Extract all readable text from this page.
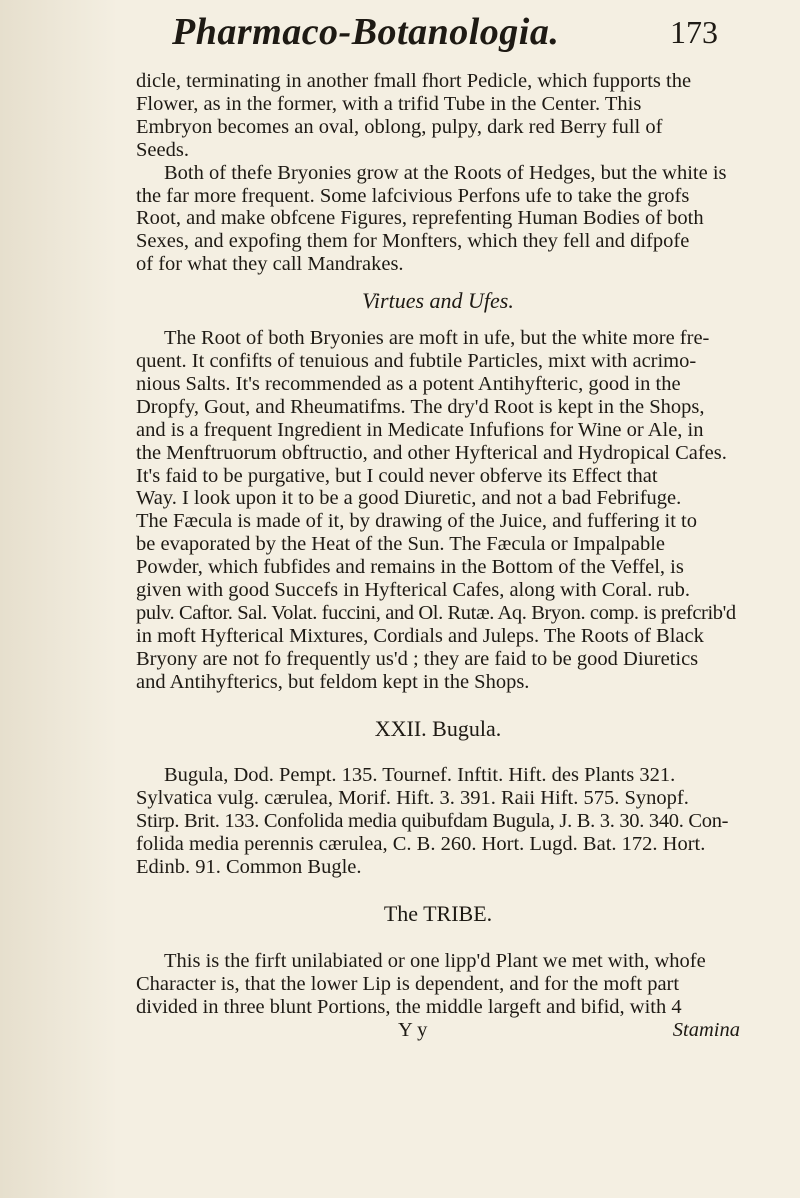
Pharmaco-Botanologia.	173

dicle, terminating in another fmall fhort Pedicle, which fupports the

Flower, as in the former, with a trifid Tube in the Center. This

Embryon becomes an oval, oblong, pulpy, dark red Berry full of

Seeds.

Both of thefe Bryonies grow at the Roots of Hedges, but the white is

the far more frequent. Some lafcivious Perfons ufe to take the grofs

Root, and make obfcene Figures, reprefenting Human Bodies of both

Sexes, and expofing them for Monfters, which they fell and difpofe

of for what they call Mandrakes.

Virtues and Ufes.

The Root of both Bryonies are moft in ufe, but the white more fre-

quent. It confifts of tenuious and fubtile Particles, mixt with acrimo-

nious Salts. It's recommended as a potent Antihyfteric, good in the

Dropfy, Gout, and Rheumatifms. The dry'd Root is kept in the Shops,

and is a frequent Ingredient in Medicate Infufions for Wine or Ale, in

the Menftruorum obftructio, and other Hyfterical and Hydropical Cafes.

It's faid to be purgative, but I could never obferve its Effect that

Way. I look upon it to be a good Diuretic, and not a bad Febrifuge.

The Fæcula is made of it, by drawing of the Juice, and fuffering it to

be evaporated by the Heat of the Sun. The Fæcula or Impalpable

Powder, which fubfides and remains in the Bottom of the Veffel, is

given with good Succefs in Hyfterical Cafes, along with Coral. rub.

pulv. Caftor. Sal. Volat. fuccini, and Ol. Rutæ. Aq. Bryon. comp. is prefcrib'd

in moft Hyfterical Mixtures, Cordials and Juleps. The Roots of Black

Bryony are not fo frequently us'd ; they are faid to be good Diuretics

and Antihyfterics, but feldom kept in the Shops.

XXII. Bugula.

Bugula, Dod. Pempt. 135. Tournef. Inftit. Hift. des Plants 321.

Sylvatica vulg. cærulea, Morif. Hift. 3. 391. Raii Hift. 575. Synopf.

Stirp. Brit. 133. Confolida media quibufdam Bugula, J. B. 3. 30. 340. Con-

folida media perennis cærulea, C. B. 260. Hort. Lugd. Bat. 172. Hort.

Edinb. 91. Common Bugle.

The TRIBE.

This is the firft unilabiated or one lipp'd Plant we met with, whofe

Character is, that the lower Lip is dependent, and for the moft part

divided in three blunt Portions, the middle largeft and bifid, with 4

Y y	Stamina
